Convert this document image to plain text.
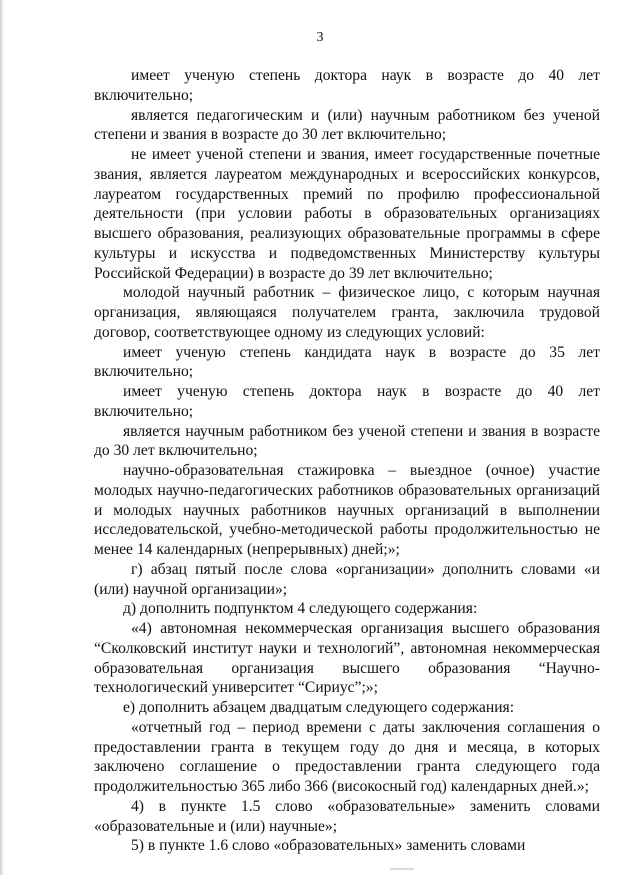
3

имеет ученую степень доктора наук в возрасте до 40 лет включительно;

является педагогическим и (или) научным работником без ученой степени и звания в возрасте до 30 лет включительно;

не имеет ученой степени и звания, имеет государственные почетные звания, является лауреатом международных и всероссийских конкурсов, лауреатом государственных премий по профилю профессиональной деятельности (при условии работы в образовательных организациях высшего образования, реализующих образовательные программы в сфере культуры и искусства и подведомственных Министерству культуры Российской Федерации) в возрасте до 39 лет включительно;

молодой научный работник – физическое лицо, с которым научная организация, являющаяся получателем гранта, заключила трудовой договор, соответствующее одному из следующих условий:

имеет ученую степень кандидата наук в возрасте до 35 лет включительно;

имеет ученую степень доктора наук в возрасте до 40 лет включительно;

является научным работником без ученой степени и звания в возрасте до 30 лет включительно;

научно-образовательная стажировка – выездное (очное) участие молодых научно-педагогических работников образовательных организаций и молодых научных работников научных организаций в выполнении исследовательской, учебно-методической работы продолжительностью не менее 14 календарных (непрерывных) дней;»;

г) абзац пятый после слова «организации» дополнить словами «и (или) научной организации»;

д) дополнить подпунктом 4 следующего содержания:

«4) автономная некоммерческая организация высшего образования “Сколковский институт науки и технологий”, автономная некоммерческая образовательная организация высшего образования “Научно-технологический университет “Сириус”;»;

е) дополнить абзацем двадцатым следующего содержания:

«отчетный год – период времени с даты заключения соглашения о предоставлении гранта в текущем году до дня и месяца, в которых заключено соглашение о предоставлении гранта следующего года продолжительностью 365 либо 366 (високосный год) календарных дней.»;

4) в пункте 1.5 слово «образовательные» заменить словами «образовательные и (или) научные»;

5) в пункте 1.6 слово «образовательных» заменить словами
